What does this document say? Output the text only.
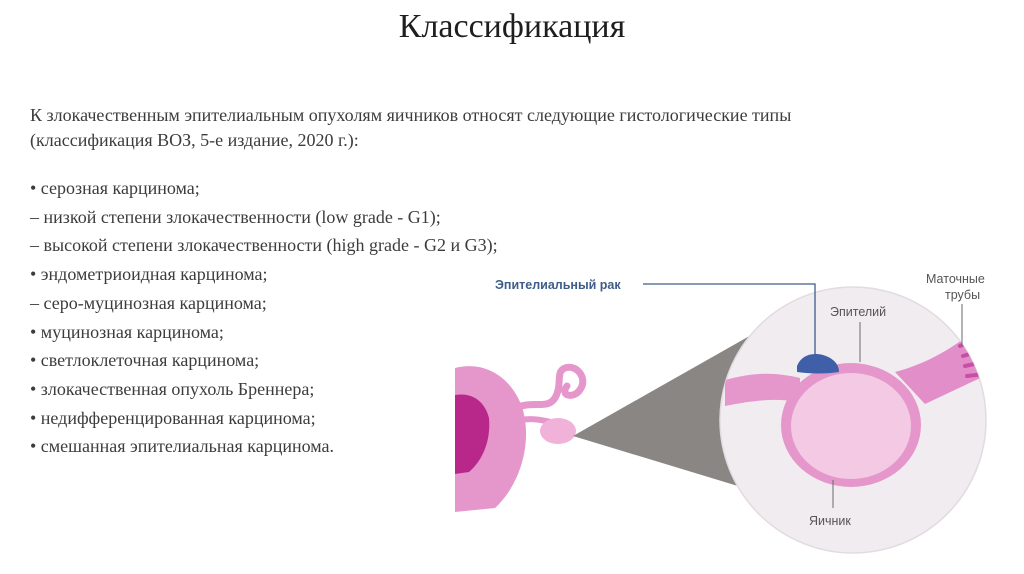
Классификация
К злокачественным эпителиальным опухолям яичников относят следующие гистологические типы
(классификация ВОЗ, 5-е издание, 2020 г.):
• серозная карцинома;
– низкой степени злокачественности (low grade - G1);
– высокой степени злокачественности (high grade - G2 и G3);
• эндометриоидная карцинома;
– серо-муцинозная карцинома;
• муцинозная карцинома;
• светлоклеточная карцинома;
• злокачественная опухоль Бреннера;
• недифференцированная карцинома;
• смешанная эпителиальная карцинома.
Эпителиальный рак
Эпителий
Маточные
трубы
Яичник
